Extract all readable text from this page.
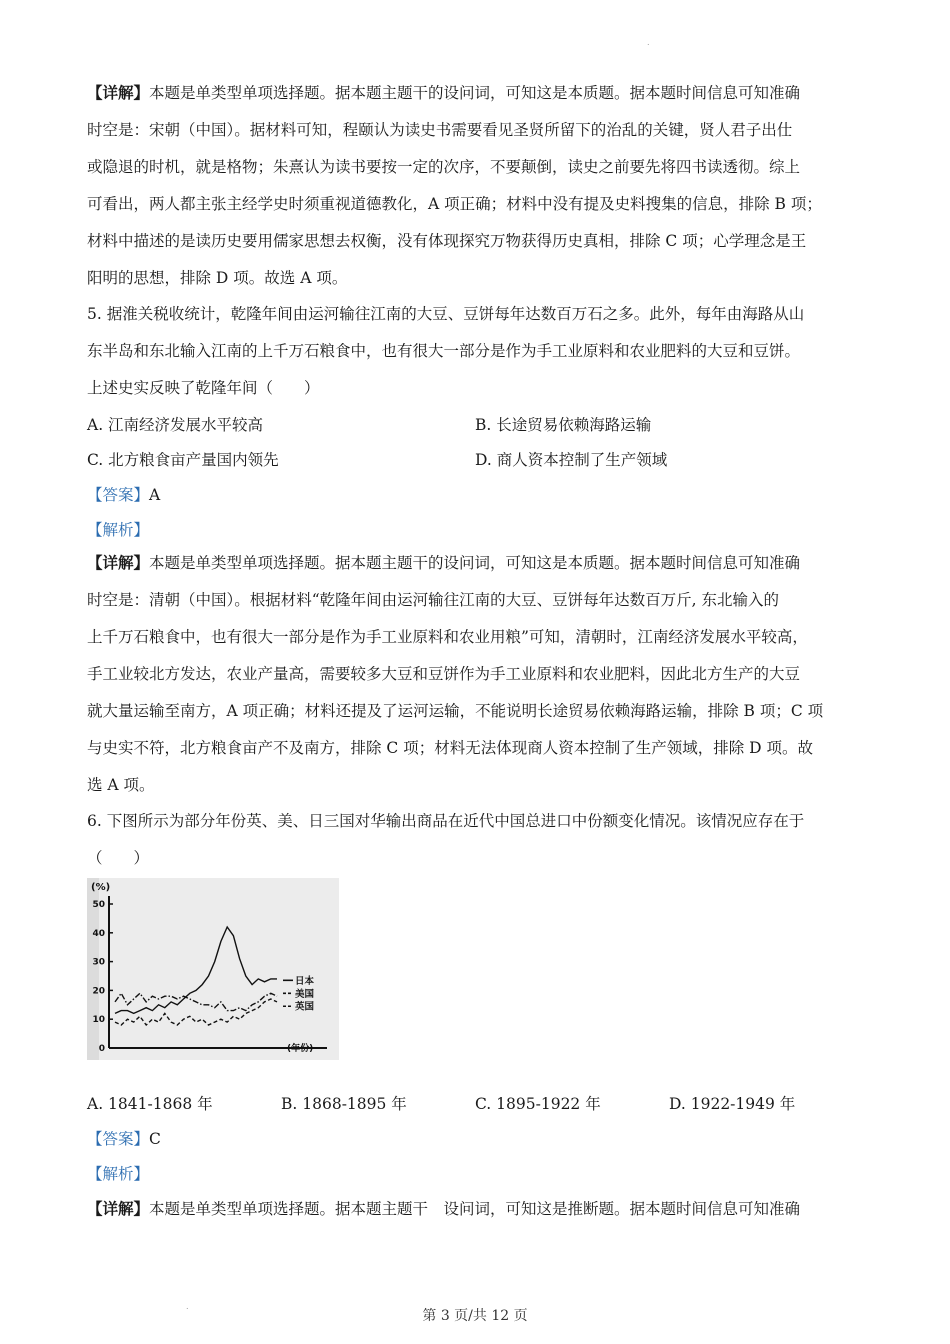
.
【详解】本题是单类型单项选择题。据本题主题干的设问词，可知这是本质题。据本题时间信息可知准确
时空是：宋朝（中国）。据材料可知，程颐认为读史书需要看见圣贤所留下的治乱的关键，贤人君子出仕
或隐退的时机，就是格物；朱熹认为读书要按一定的次序，不要颠倒，读史之前要先将四书读透彻。综上
可看出，两人都主张主经学史时须重视道德教化，A 项正确；材料中没有提及史料搜集的信息，排除 B 项；
材料中描述的是读历史要用儒家思想去权衡，没有体现探究万物获得历史真相，排除 C 项；心学理念是王
阳明的思想，排除 D 项。故选 A 项。
5. 据淮关税收统计，乾隆年间由运河输往江南的大豆、豆饼每年达数百万石之多。此外，每年由海路从山
东半岛和东北输入江南的上千万石粮食中，也有很大一部分是作为手工业原料和农业肥料的大豆和豆饼。
上述史实反映了乾隆年间（　　）
A. 江南经济发展水平较高	B. 长途贸易依赖海路运输
C. 北方粮食亩产量国内领先	D. 商人资本控制了生产领域
【答案】A
【解析】
【详解】本题是单类型单项选择题。据本题主题干的设问词，可知这是本质题。据本题时间信息可知准确
时空是：清朝（中国）。根据材料“乾隆年间由运河输往江南的大豆、豆饼每年达数百万斤, 东北输入的
上千万石粮食中，也有很大一部分是作为手工业原料和农业用粮”可知，清朝时，江南经济发展水平较高，
手工业较北方发达，农业产量高，需要较多大豆和豆饼作为手工业原料和农业肥料，因此北方生产的大豆
就大量运输至南方，A 项正确；材料还提及了运河运输，不能说明长途贸易依赖海路运输，排除 B 项；C 项
与史实不符，北方粮食亩产不及南方，排除 C 项；材料无法体现商人资本控制了生产领域，排除 D 项。故
选 A 项。
6. 下图所示为部分年份英、美、日三国对华输出商品在近代中国总进口中份额变化情况。该情况应存在于
（　　）
(%)
50
40
30
20
10
0
日本
美国
英国
(年份)
A. 1841-1868 年	B. 1868-1895 年	C. 1895-1922 年	D. 1922-1949 年
【答案】C
【解析】
【详解】本题是单类型单项选择题。据本题主题干　设问词，可知这是推断题。据本题时间信息可知准确
.
第 3 页/共 12 页
